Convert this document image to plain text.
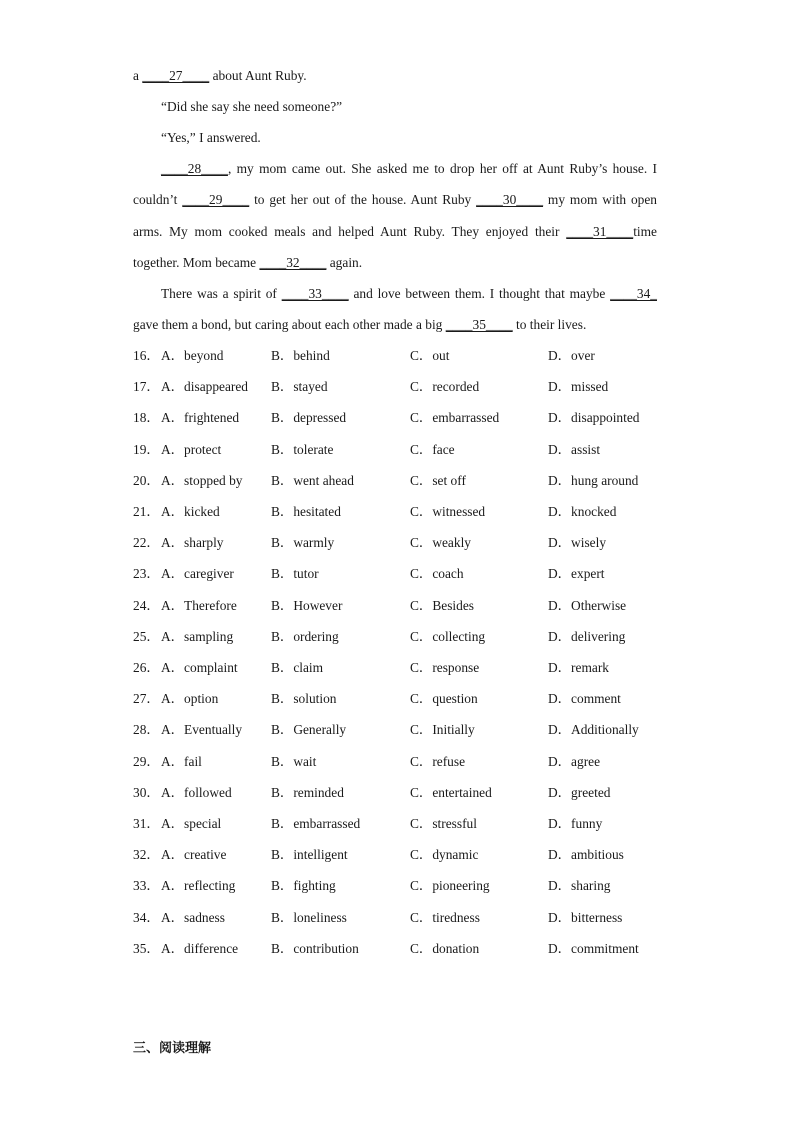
a ____27____ about Aunt Ruby.
“Did she say she need someone?”
“Yes,” I answered.
____28____, my mom came out. She asked me to drop her off at Aunt Ruby’s house. I
couldn’t ____29____ to get her out of the house. Aunt Ruby ____30____ my mom with open
arms. My mom cooked meals and helped Aunt Ruby. They enjoyed their ____31____time
together. Mom became ____32____ again.
There was a spirit of ____33____ and love between them. I thought that maybe ____34_
gave them a bond, but caring about each other made a big ____35____ to their lives.
16． A．beyond	B．behind	C．out	D．over
17． A．disappeared B．stayed	C．recorded	D．missed
18． A．frightened B．depressed	C．embarrassed	D．disappointed
19． A．protect	B．tolerate	C．face	D．assist
20． A．stopped by B．went ahead	C．set off	D．hung around
21． A．kicked	B．hesitated	C．witnessed	D．knocked
22． A．sharply	B．warmly	C．weakly	D．wisely
23． A．caregiver	B．tutor	C．coach	D．expert
24． A．Therefore	B．However	C．Besides	D．Otherwise
25． A．sampling	B．ordering	C．collecting	D．delivering
26． A．complaint B．claim	C．response	D．remark
27． A．option	B．solution	C．question	D．comment
28． A．Eventually B．Generally	C．Initially	D．Additionally
29． A．fail	B．wait	C．refuse	D．agree
30． A．followed	B．reminded	C．entertained	D．greeted
31． A．special	B．embarrassed	C．stressful	D．funny
32． A．creative	B．intelligent	C．dynamic	D．ambitious
33． A．reflecting	B．fighting	C．pioneering	D．sharing
34． A．sadness	B．loneliness	C．tiredness	D．bitterness
35． A．difference B．contribution	C．donation	D．commitment
三、阅读理解
